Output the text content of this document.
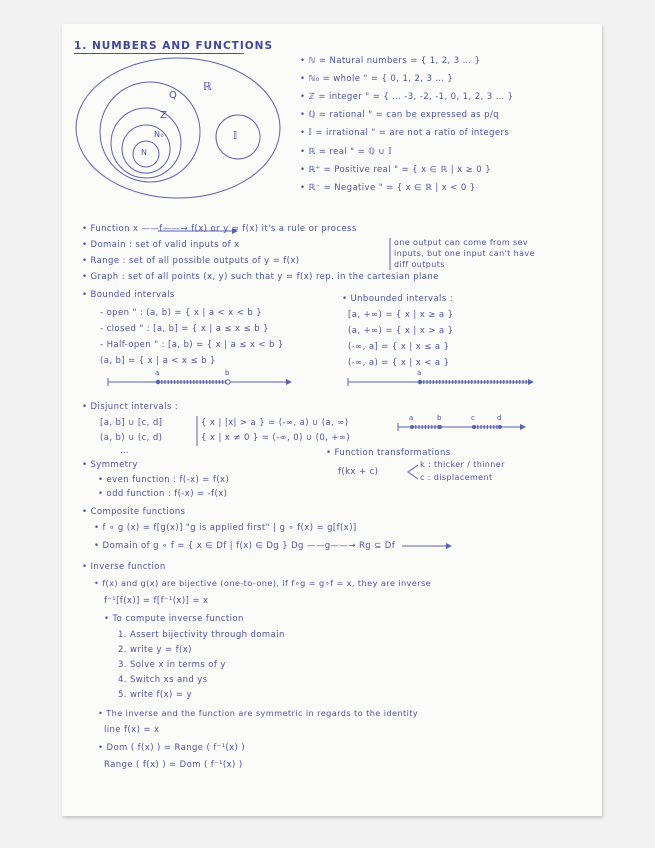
1. NUMBERS AND FUNCTIONS
ℝ
Q
Z
N₀
N
𝕀
• ℕ = Natural numbers = { 1, 2, 3 … }
• ℕ₀ = whole " = { 0, 1, 2, 3 … }
• ℤ = integer " = { … -3, -2, -1, 0, 1, 2, 3 … }
• ℚ = rational " = can be expressed as p/q
• 𝕀 = irrational " = are not a ratio of integers
• ℝ = real " = ℚ ∪ 𝕀
• ℝ⁺ = Positive real " = { x ∈ ℝ | x ≥ 0 }
• ℝ⁻ = Negative " = { x ∈ ℝ | x < 0 }
• Function x ——f——→ f(x) or y = f(x) it's a rule or process
• Domain : set of valid inputs of x
• Range : set of all possible outputs of y = f(x)
• Graph : set of all points (x, y) such that y = f(x) rep. in the cartesian plane
one output can come from sev
inputs, but one input can't have
diff outputs
• Bounded intervals
- open " : (a, b) = { x | a < x < b }
- closed " : [a, b] = { x | a ≤ x ≤ b }
- Half-open " : [a, b) = { x | a ≤ x < b }
(a, b] = { x | a < x ≤ b }
• Unbounded intervals :
[a, +∞) = { x | x ≥ a }
(a, +∞) = { x | x > a }
(-∞, a] = { x | x ≤ a }
(-∞, a) = { x | x < a }
a	b	a
a	b	c	d
• Disjunct intervals :
[a, b] ∪ [c, d]
(a, b) ∪ (c, d)
{ x | |x| > a } = (-∞, a) ∪ (a, ∞)
{ x | x ≠ 0 } = (-∞, 0) ∪ (0, +∞)
…	• Function transformations
f(kx + c)
k : thicker / thinner
c : displacement
• Symmetry
• even function : f(-x) = f(x)
• odd function : f(-x) = -f(x)
• Composite functions
• f ∘ g (x) = f[g(x)] "g is applied first" | g ∘ f(x) = g[f(x)]
• Domain of g ∘ f = { x ∈ Df | f(x) ∈ Dg } Dg ——g——→ Rg ⊆ Df
• Inverse function
• f(x) and g(x) are bijective (one-to-one), if f∘g = g∘f = x, they are inverse
f⁻¹[f(x)] = f[f⁻¹(x)] = x
• To compute inverse function
1. Assert bijectivity through domain
2. write y = f(x)
3. Solve x in terms of y
4. Switch xs and ys
5. write f(x) = y
• The inverse and the function are symmetric in regards to the identity
line f(x) = x
• Dom ( f(x) ) = Range ( f⁻¹(x) )
Range ( f(x) ) = Dom ( f⁻¹(x) )
